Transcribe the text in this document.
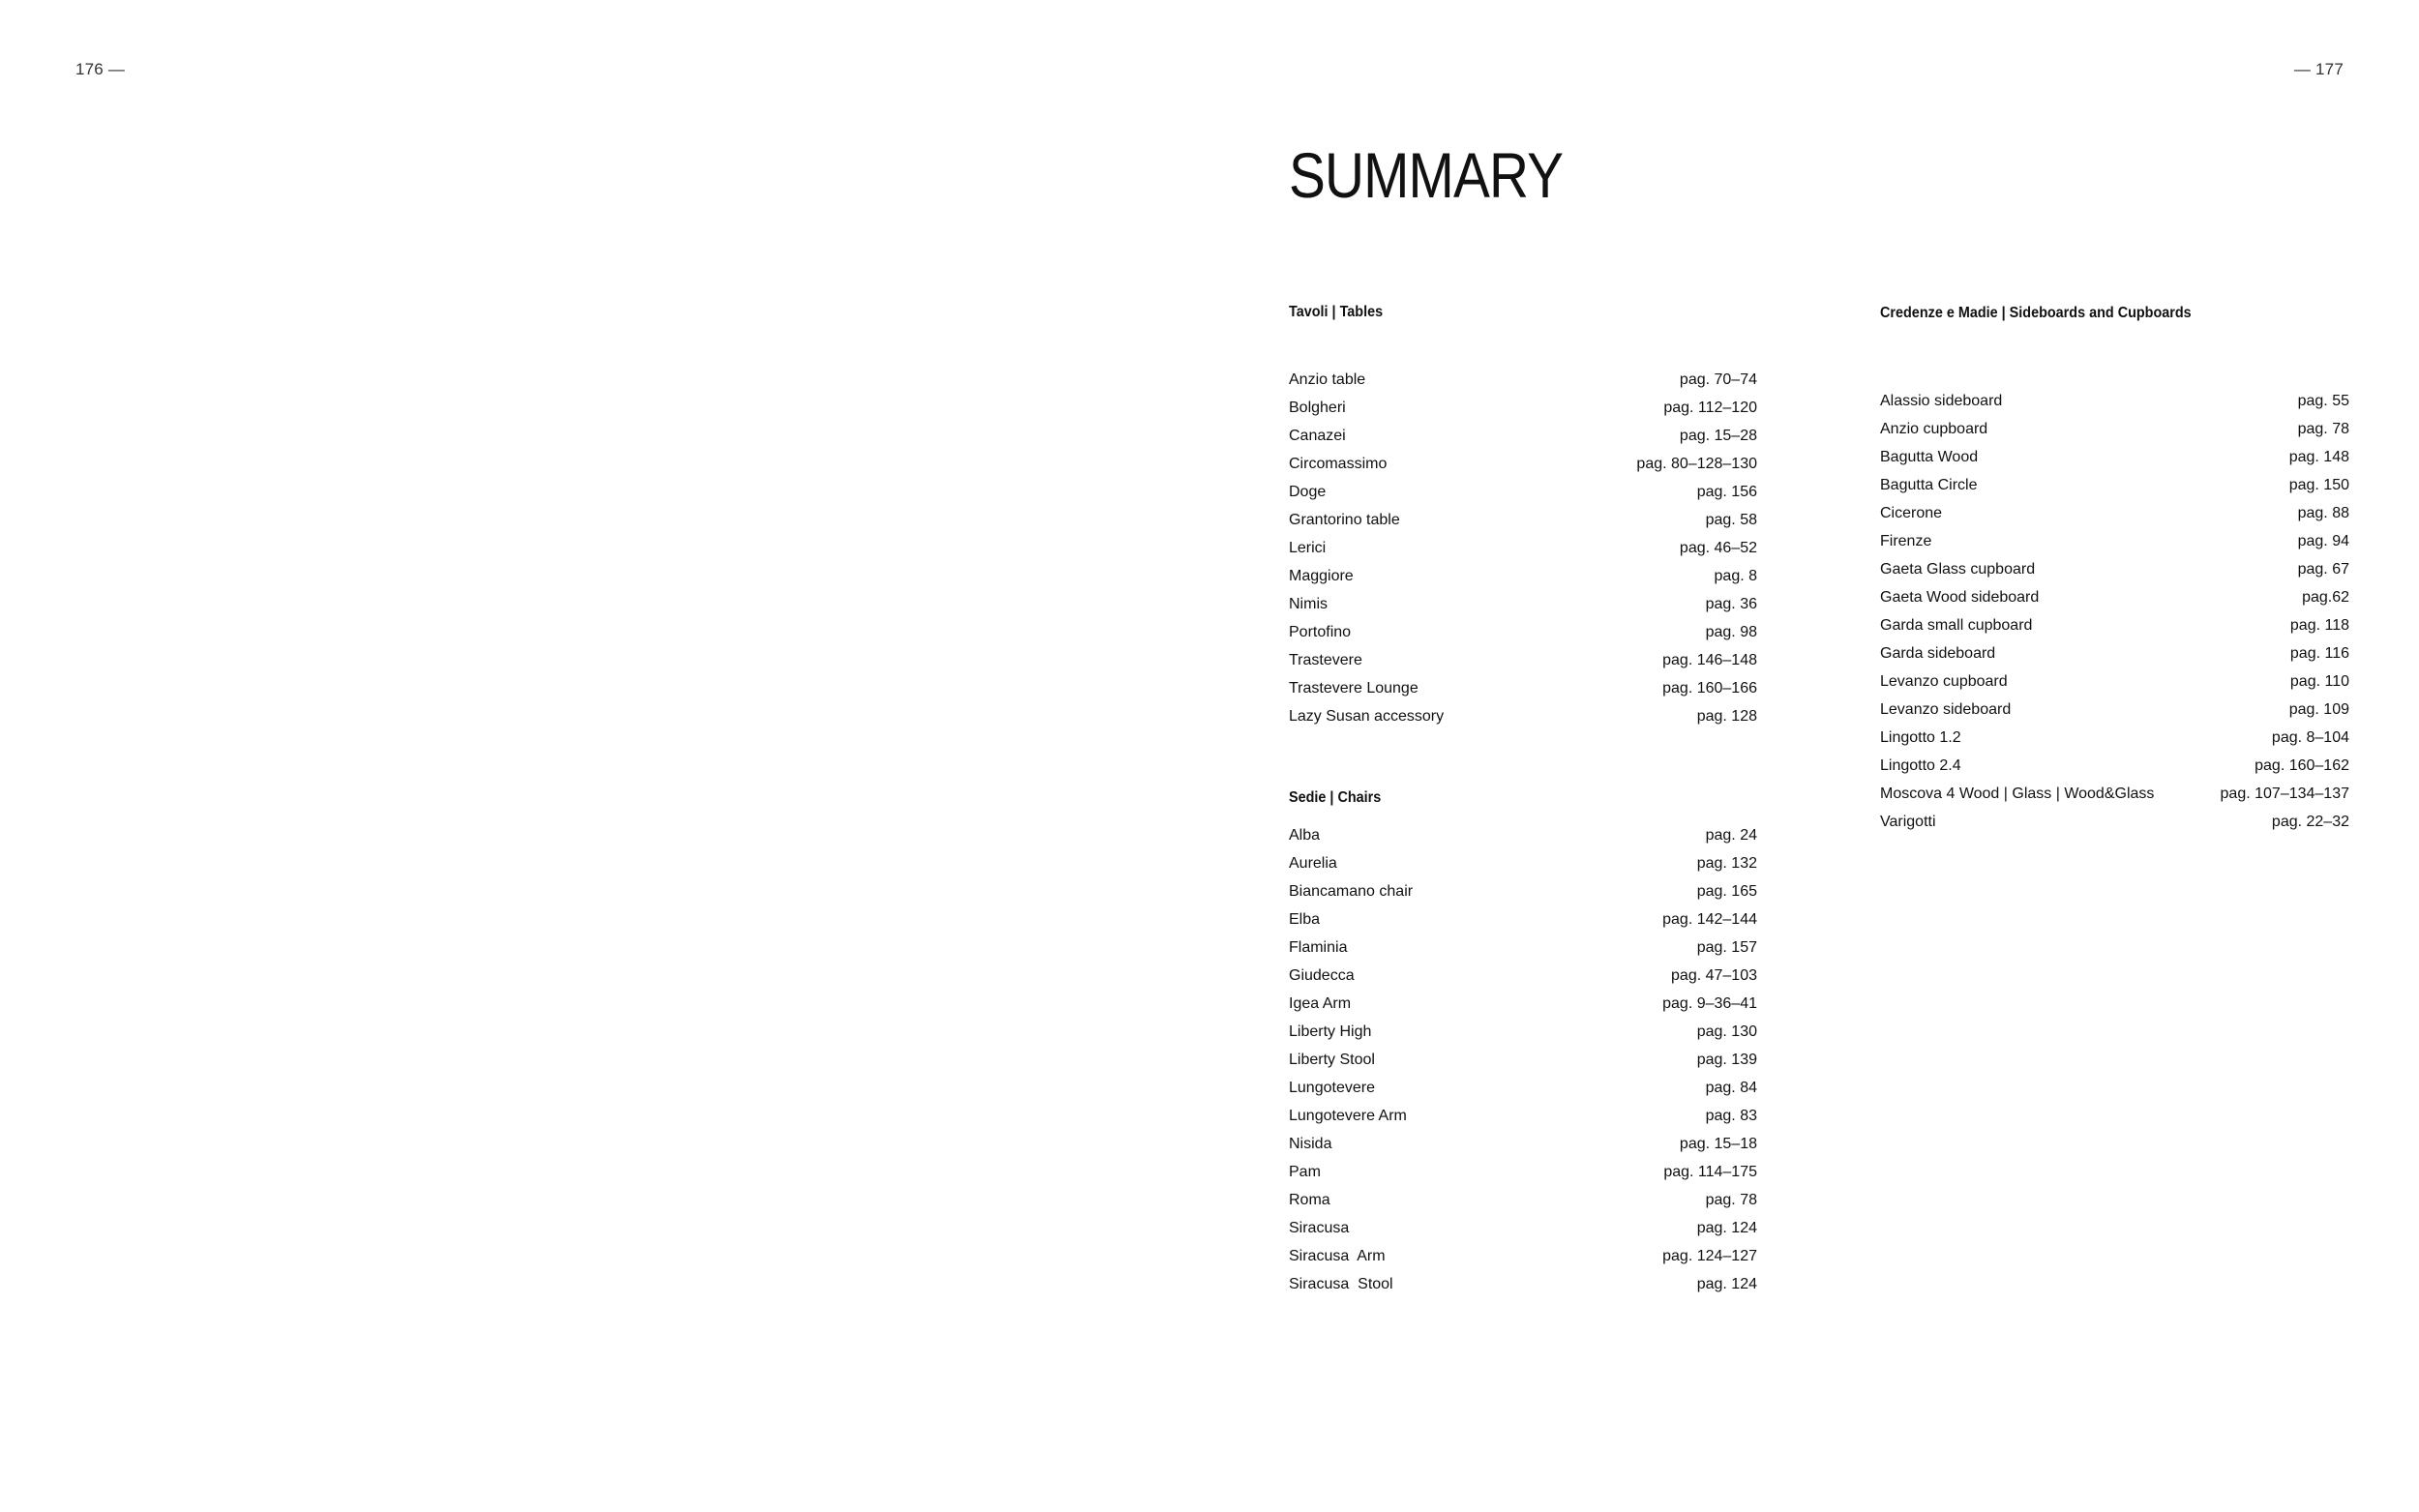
176 —	— 177
SUMMARY
Tavoli | Tables
Anzio table	pag. 70–74
Bolgheri	pag. 112–120
Canazei	pag. 15–28
Circomassimo	pag. 80–128–130
Doge	pag. 156
Grantorino table	pag. 58
Lerici	pag. 46–52
Maggiore	pag. 8
Nimis	pag. 36
Portofino	pag. 98
Trastevere	pag. 146–148
Trastevere Lounge	pag. 160–166
Lazy Susan accessory	pag. 128
Sedie | Chairs
Alba	pag. 24
Aurelia	pag. 132
Biancamano chair	pag. 165
Elba	pag. 142–144
Flaminia	pag. 157
Giudecca	pag. 47–103
Igea Arm	pag. 9–36–41
Liberty High	pag. 130
Liberty Stool	pag. 139
Lungotevere	pag. 84
Lungotevere Arm	pag. 83
Nisida	pag. 15–18
Pam	pag. 114–175
Roma	pag. 78
Siracusa	pag. 124
Siracusa  Arm	pag. 124–127
Siracusa  Stool	pag. 124
Credenze e Madie | Sideboards and Cupboards
Alassio sideboard	pag. 55
Anzio cupboard	pag. 78
Bagutta Wood	pag. 148
Bagutta Circle	pag. 150
Cicerone	pag. 88
Firenze	pag. 94
Gaeta Glass cupboard	pag. 67
Gaeta Wood sideboard	pag.62
Garda small cupboard	pag. 118
Garda sideboard	pag. 116
Levanzo cupboard	pag. 110
Levanzo sideboard	pag. 109
Lingotto 1.2	pag. 8–104
Lingotto 2.4	pag. 160–162
Moscova 4 Wood | Glass | Wood&Glass	pag. 107–134–137
Varigotti	pag. 22–32
